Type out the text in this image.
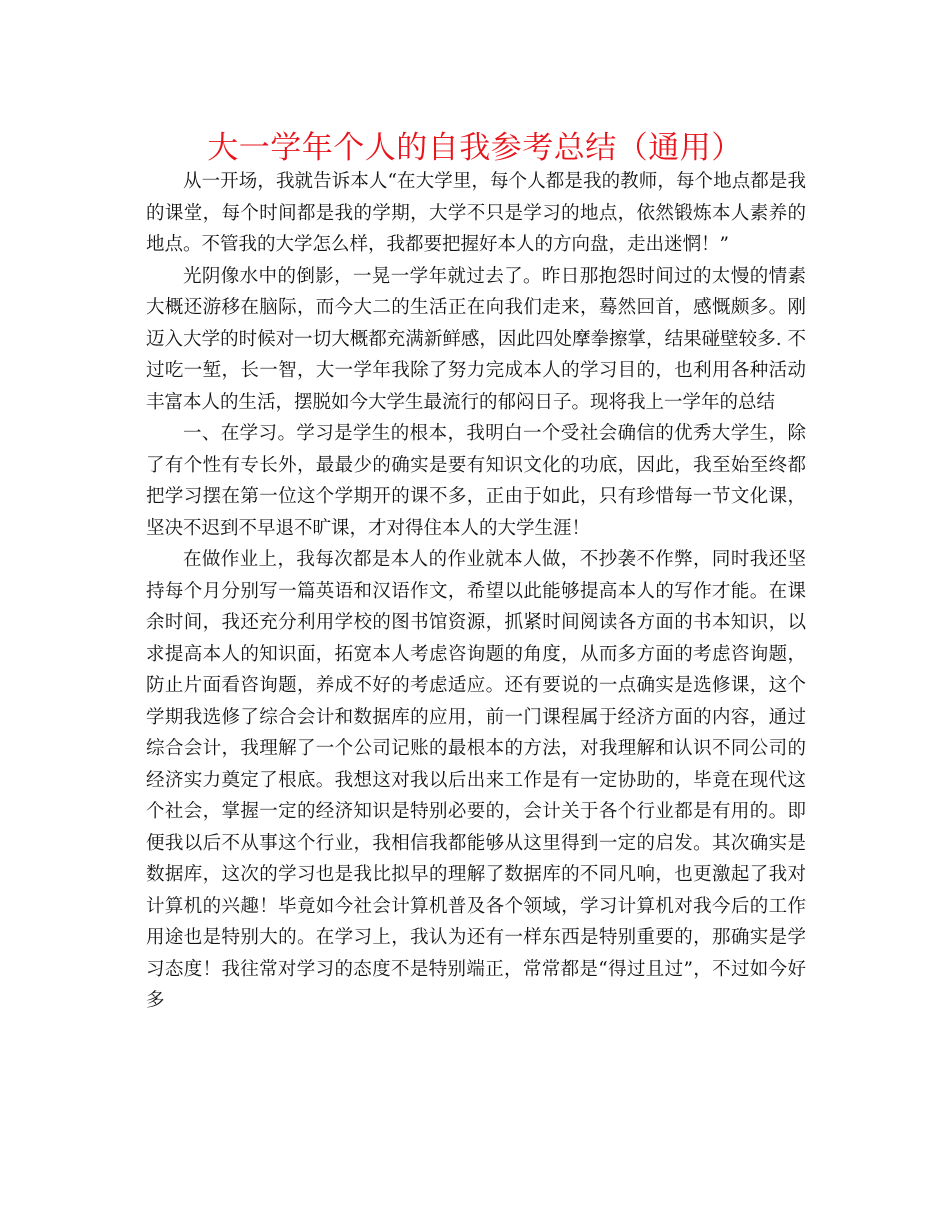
大一学年个人的自我参考总结（通用）

从一开场，我就告诉本人“在大学里，每个人都是我的教师，每个地点都是我的课堂，每个时间都是我的学期，大学不只是学习的地点，依然锻炼本人素养的地点。不管我的大学怎么样，我都要把握好本人的方向盘，走出迷惘！”

光阴像水中的倒影，一晃一学年就过去了。昨日那抱怨时间过的太慢的情素大概还游移在脑际，而今大二的生活正在向我们走来，蓦然回首，感慨颇多。刚迈入大学的时候对一切大概都充满新鲜感，因此四处摩拳擦掌，结果碰壁较多. 不过吃一堑，长一智，大一学年我除了努力完成本人的学习目的，也利用各种活动丰富本人的生活，摆脱如今大学生最流行的郁闷日子。现将我上一学年的总结

一、在学习。学习是学生的根本，我明白一个受社会确信的优秀大学生，除了有个性有专长外，最最少的确实是要有知识文化的功底，因此，我至始至终都把学习摆在第一位这个学期开的课不多，正由于如此，只有珍惜每一节文化课，坚决不迟到不早退不旷课，才对得住本人的大学生涯！

在做作业上，我每次都是本人的作业就本人做，不抄袭不作弊，同时我还坚持每个月分别写一篇英语和汉语作文，希望以此能够提高本人的写作才能。在课余时间，我还充分利用学校的图书馆资源，抓紧时间阅读各方面的书本知识，以求提高本人的知识面，拓宽本人考虑咨询题的角度，从而多方面的考虑咨询题，防止片面看咨询题，养成不好的考虑适应。还有要说的一点确实是选修课，这个学期我选修了综合会计和数据库的应用，前一门课程属于经济方面的内容，通过综合会计，我理解了一个公司记账的最根本的方法，对我理解和认识不同公司的经济实力奠定了根底。我想这对我以后出来工作是有一定协助的，毕竟在现代这个社会，掌握一定的经济知识是特别必要的，会计关于各个行业都是有用的。即便我以后不从事这个行业，我相信我都能够从这里得到一定的启发。其次确实是数据库，这次的学习也是我比拟早的理解了数据库的不同凡响，也更激起了我对计算机的兴趣！毕竟如今社会计算机普及各个领域，学习计算机对我今后的工作用途也是特别大的。在学习上，我认为还有一样东西是特别重要的，那确实是学习态度！我往常对学习的态度不是特别端正，常常都是“得过且过”，不过如今好多
